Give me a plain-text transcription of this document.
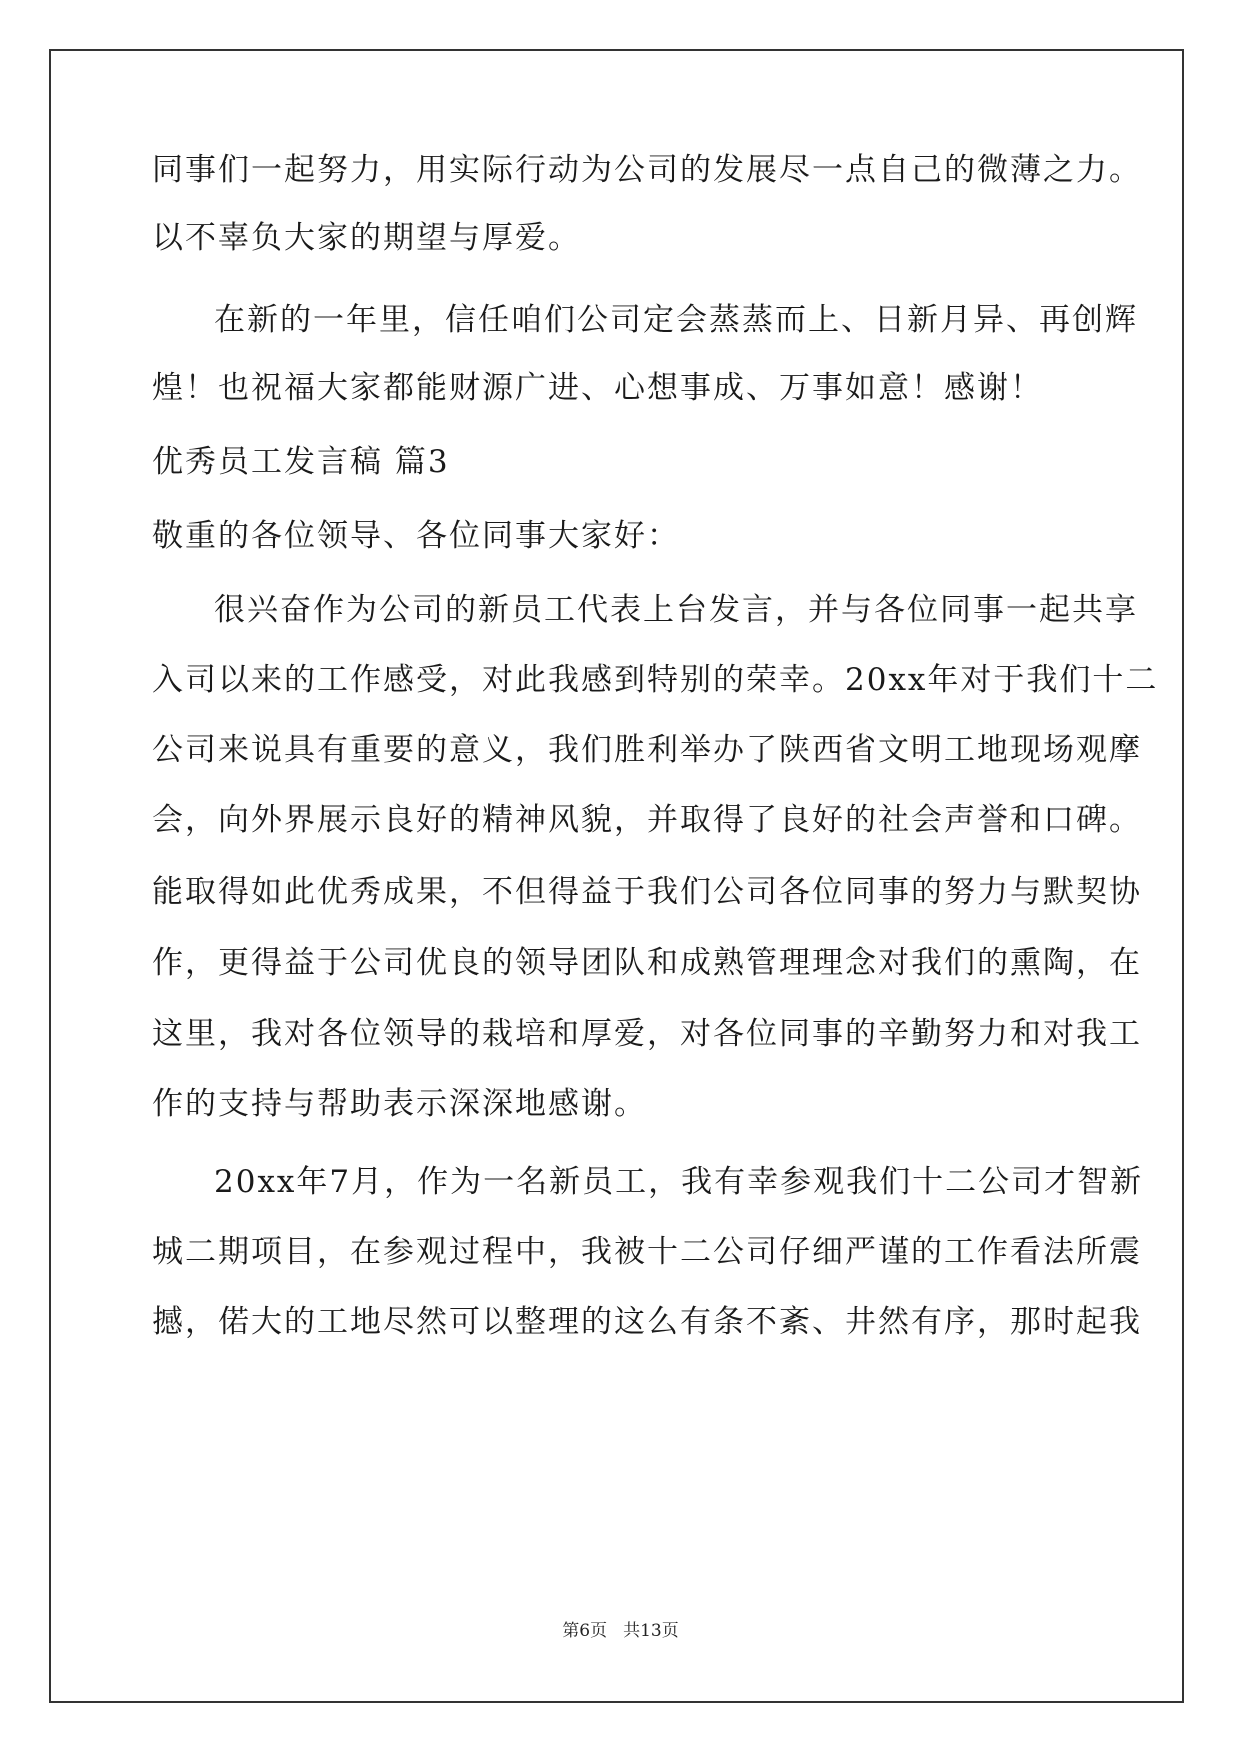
同事们一起努力，用实际行动为公司的发展尽一点自己的微薄之力。
以不辜负大家的期望与厚爱。
在新的一年里，信任咱们公司定会蒸蒸而上、日新月异、再创辉
煌！也祝福大家都能财源广进、心想事成、万事如意！感谢！
优秀员工发言稿 篇3
敬重的各位领导、各位同事大家好：
很兴奋作为公司的新员工代表上台发言，并与各位同事一起共享
入司以来的工作感受，对此我感到特别的荣幸。20xx年对于我们十二
公司来说具有重要的意义，我们胜利举办了陕西省文明工地现场观摩
会，向外界展示良好的精神风貌，并取得了良好的社会声誉和口碑。
能取得如此优秀成果，不但得益于我们公司各位同事的努力与默契协
作，更得益于公司优良的领导团队和成熟管理理念对我们的熏陶，在
这里，我对各位领导的栽培和厚爱，对各位同事的辛勤努力和对我工
作的支持与帮助表示深深地感谢。
20xx年7月，作为一名新员工，我有幸参观我们十二公司才智新
城二期项目，在参观过程中，我被十二公司仔细严谨的工作看法所震
撼，偌大的工地尽然可以整理的这么有条不紊、井然有序，那时起我
第6页 共13页
